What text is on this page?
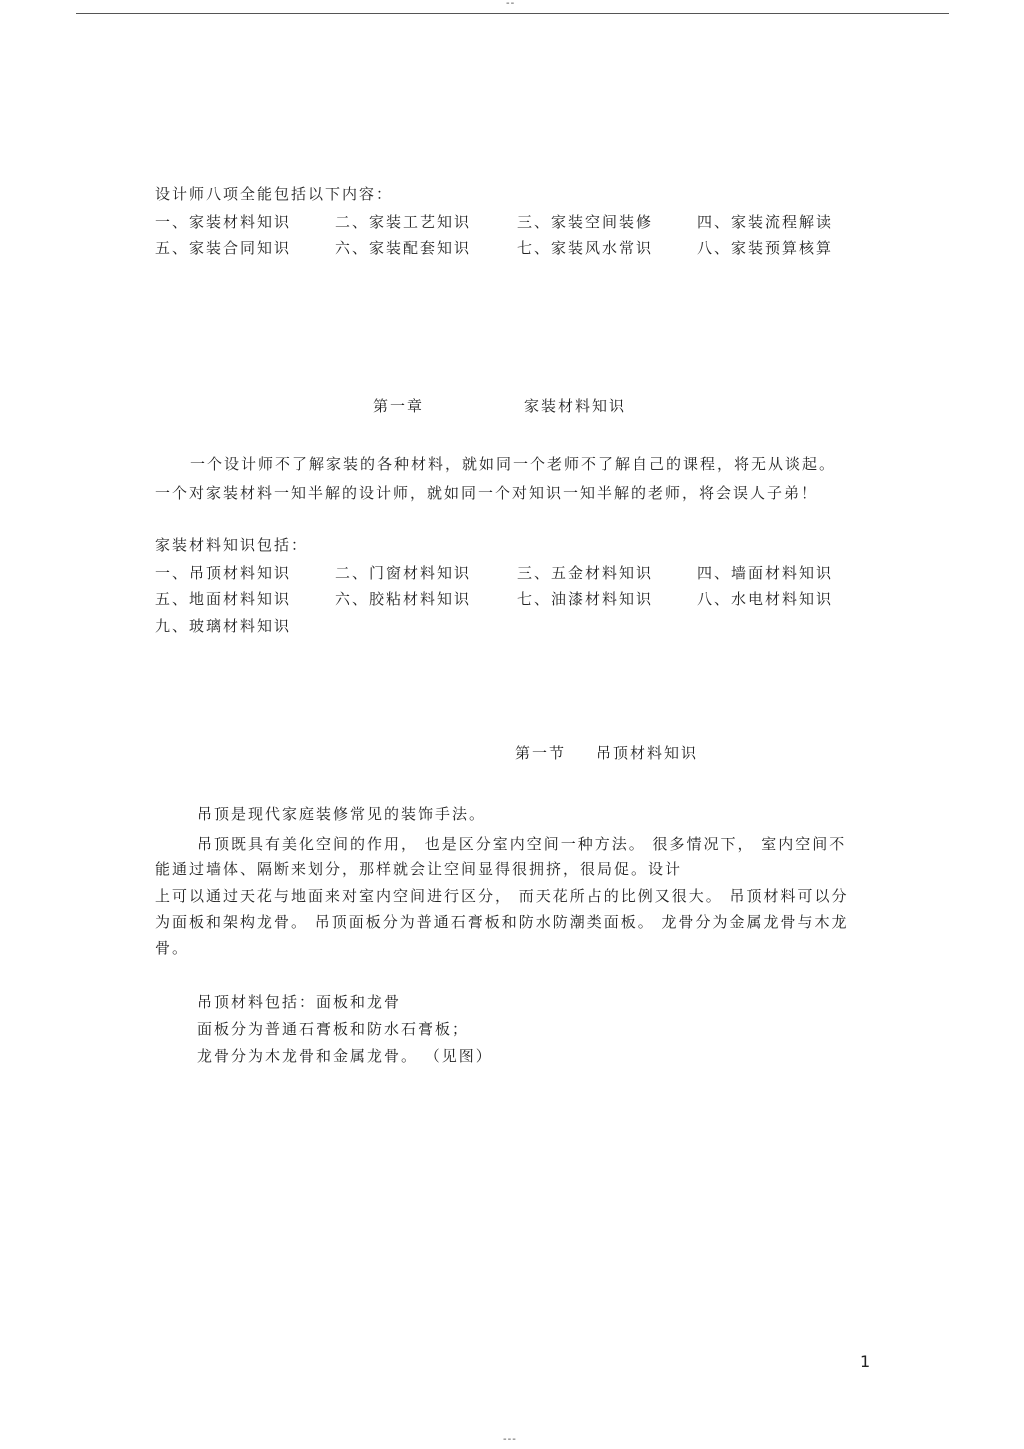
--
设计师八项全能包括以下内容：
一、家装材料知识	二、家装工艺知识	三、家装空间装修	四、家装流程解读
五、家装合同知识	六、家装配套知识	七、家装风水常识	八、家装预算核算
第一章	家装材料知识
一个设计师不了解家装的各种材料，就如同一个老师不了解自己的课程，将无从谈起。
一个对家装材料一知半解的设计师，就如同一个对知识一知半解的老师，将会误人子弟！
家装材料知识包括：
一、吊顶材料知识	二、门窗材料知识	三、五金材料知识	四、墙面材料知识
五、地面材料知识	六、胶粘材料知识	七、油漆材料知识	八、水电材料知识
九、玻璃材料知识
第一节 吊顶材料知识
吊顶是现代家庭装修常见的装饰手法。
吊顶既具有美化空间的作用， 也是区分室内空间一种方法。 很多情况下， 室内空间不
能通过墙体、隔断来划分，那样就会让空间显得很拥挤，很局促。设计
上可以通过天花与地面来对室内空间进行区分， 而天花所占的比例又很大。 吊顶材料可以分
为面板和架构龙骨。 吊顶面板分为普通石膏板和防水防潮类面板。 龙骨分为金属龙骨与木龙
骨。
吊顶材料包括：面板和龙骨
面板分为普通石膏板和防水石膏板；
龙骨分为木龙骨和金属龙骨。 （见图）
1
---
